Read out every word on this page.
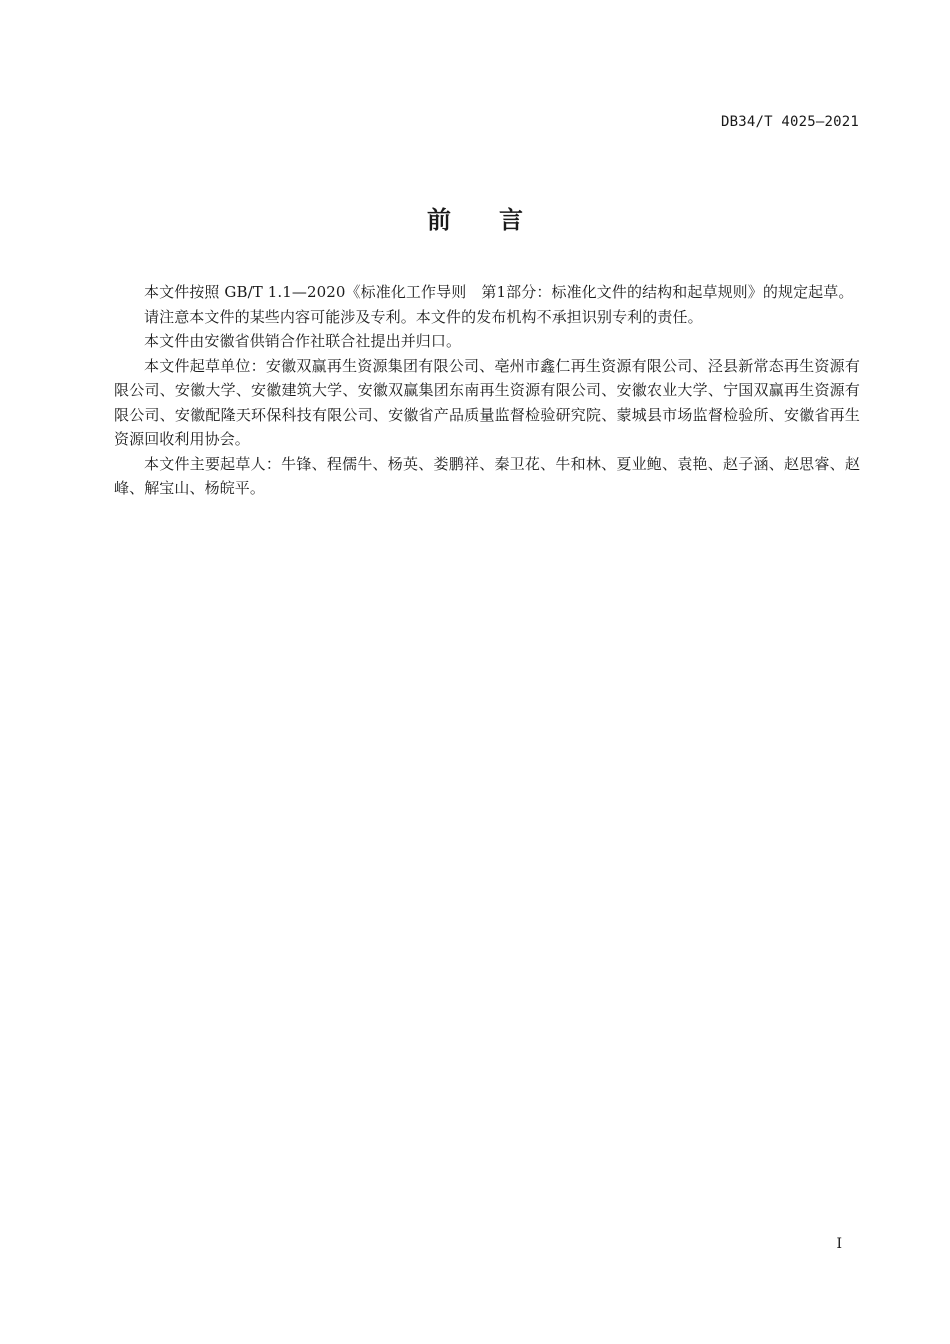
DB34/T 4025—2021
前言

本文件按照 GB/T 1.1—2020《标准化工作导则　第1部分：标准化文件的结构和起草规则》的规定起草。

请注意本文件的某些内容可能涉及专利。本文件的发布机构不承担识别专利的责任。

本文件由安徽省供销合作社联合社提出并归口。

本文件起草单位：安徽双赢再生资源集团有限公司、亳州市鑫仁再生资源有限公司、泾县新常态再生资源有限公司、安徽大学、安徽建筑大学、安徽双赢集团东南再生资源有限公司、安徽农业大学、宁国双赢再生资源有限公司、安徽配隆天环保科技有限公司、安徽省产品质量监督检验研究院、蒙城县市场监督检验所、安徽省再生资源回收利用协会。

本文件主要起草人：牛锋、程儒牛、杨英、娄鹏祥、秦卫花、牛和林、夏业鲍、袁艳、赵子涵、赵思睿、赵峰、解宝山、杨皖平。

I
